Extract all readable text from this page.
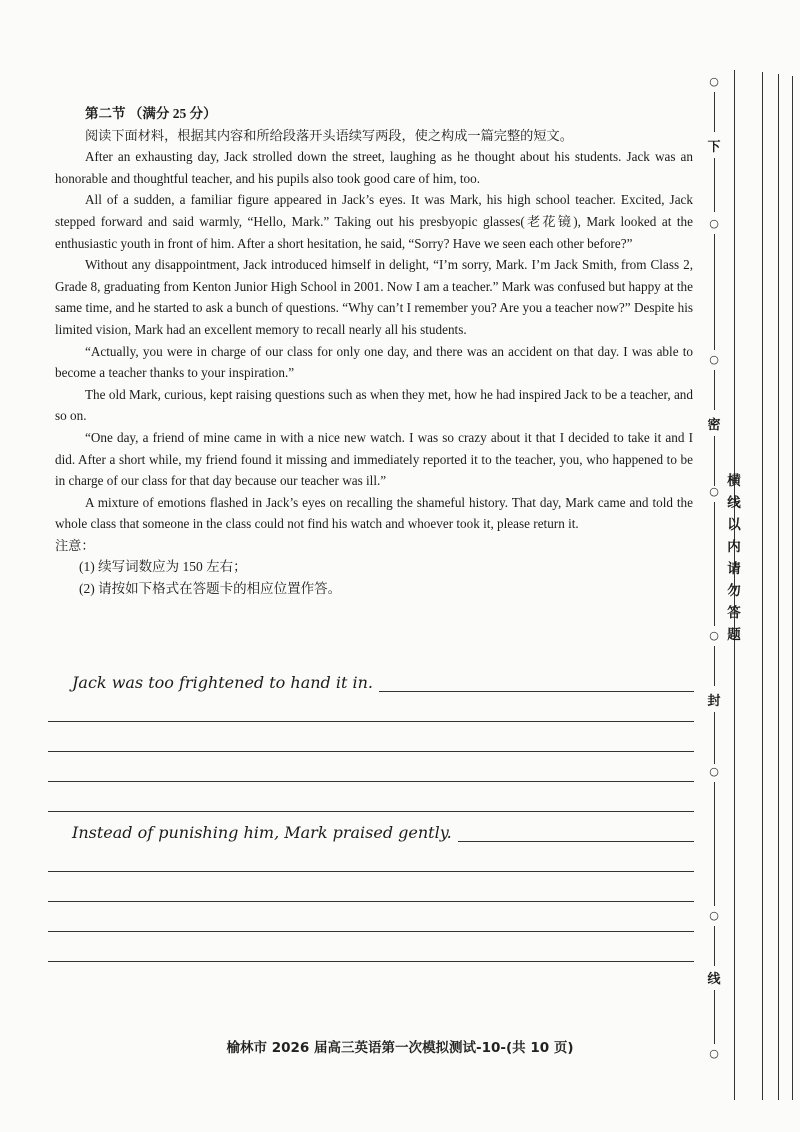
第二节 （满分 25 分）

阅读下面材料，根据其内容和所给段落开头语续写两段，使之构成一篇完整的短文。

After an exhausting day, Jack strolled down the street, laughing as he thought about his students. Jack was an honorable and thoughtful teacher, and his pupils also took good care of him, too.

All of a sudden, a familiar figure appeared in Jack’s eyes. It was Mark, his high school teacher. Excited, Jack stepped forward and said warmly, “Hello, Mark.” Taking out his presbyopic glasses(老花镜), Mark looked at the enthusiastic youth in front of him. After a short hesitation, he said, “Sorry? Have we seen each other before?”

Without any disappointment, Jack introduced himself in delight, “I’m sorry, Mark. I’m Jack Smith, from Class 2, Grade 8, graduating from Kenton Junior High School in 2001. Now I am a teacher.” Mark was confused but happy at the same time, and he started to ask a bunch of questions. “Why can’t I remember you? Are you a teacher now?” Despite his limited vision, Mark had an excellent memory to recall nearly all his students.

“Actually, you were in charge of our class for only one day, and there was an accident on that day. I was able to become a teacher thanks to your inspiration.”

The old Mark, curious, kept raising questions such as when they met, how he had inspired Jack to be a teacher, and so on.

“One day, a friend of mine came in with a nice new watch. I was so crazy about it that I decided to take it and I did. After a short while, my friend found it missing and immediately reported it to the teacher, you, who happened to be in charge of our class for that day because our teacher was ill.”

A mixture of emotions flashed in Jack’s eyes on recalling the shameful history. That day, Mark came and told the whole class that someone in the class could not find his watch and whoever took it, please return it.

注意：

(1) 续写词数应为 150 左右；

(2) 请按如下格式在答题卡的相应位置作答。

Jack was too frightened to hand it in.
Instead of punishing him, Mark praised gently.
榆林市 2026 届高三英语第一次模拟测试-10-(共 10 页)
○
下
○
○
密
○
○
封
○
○
线
○
横线以内请勿答题
